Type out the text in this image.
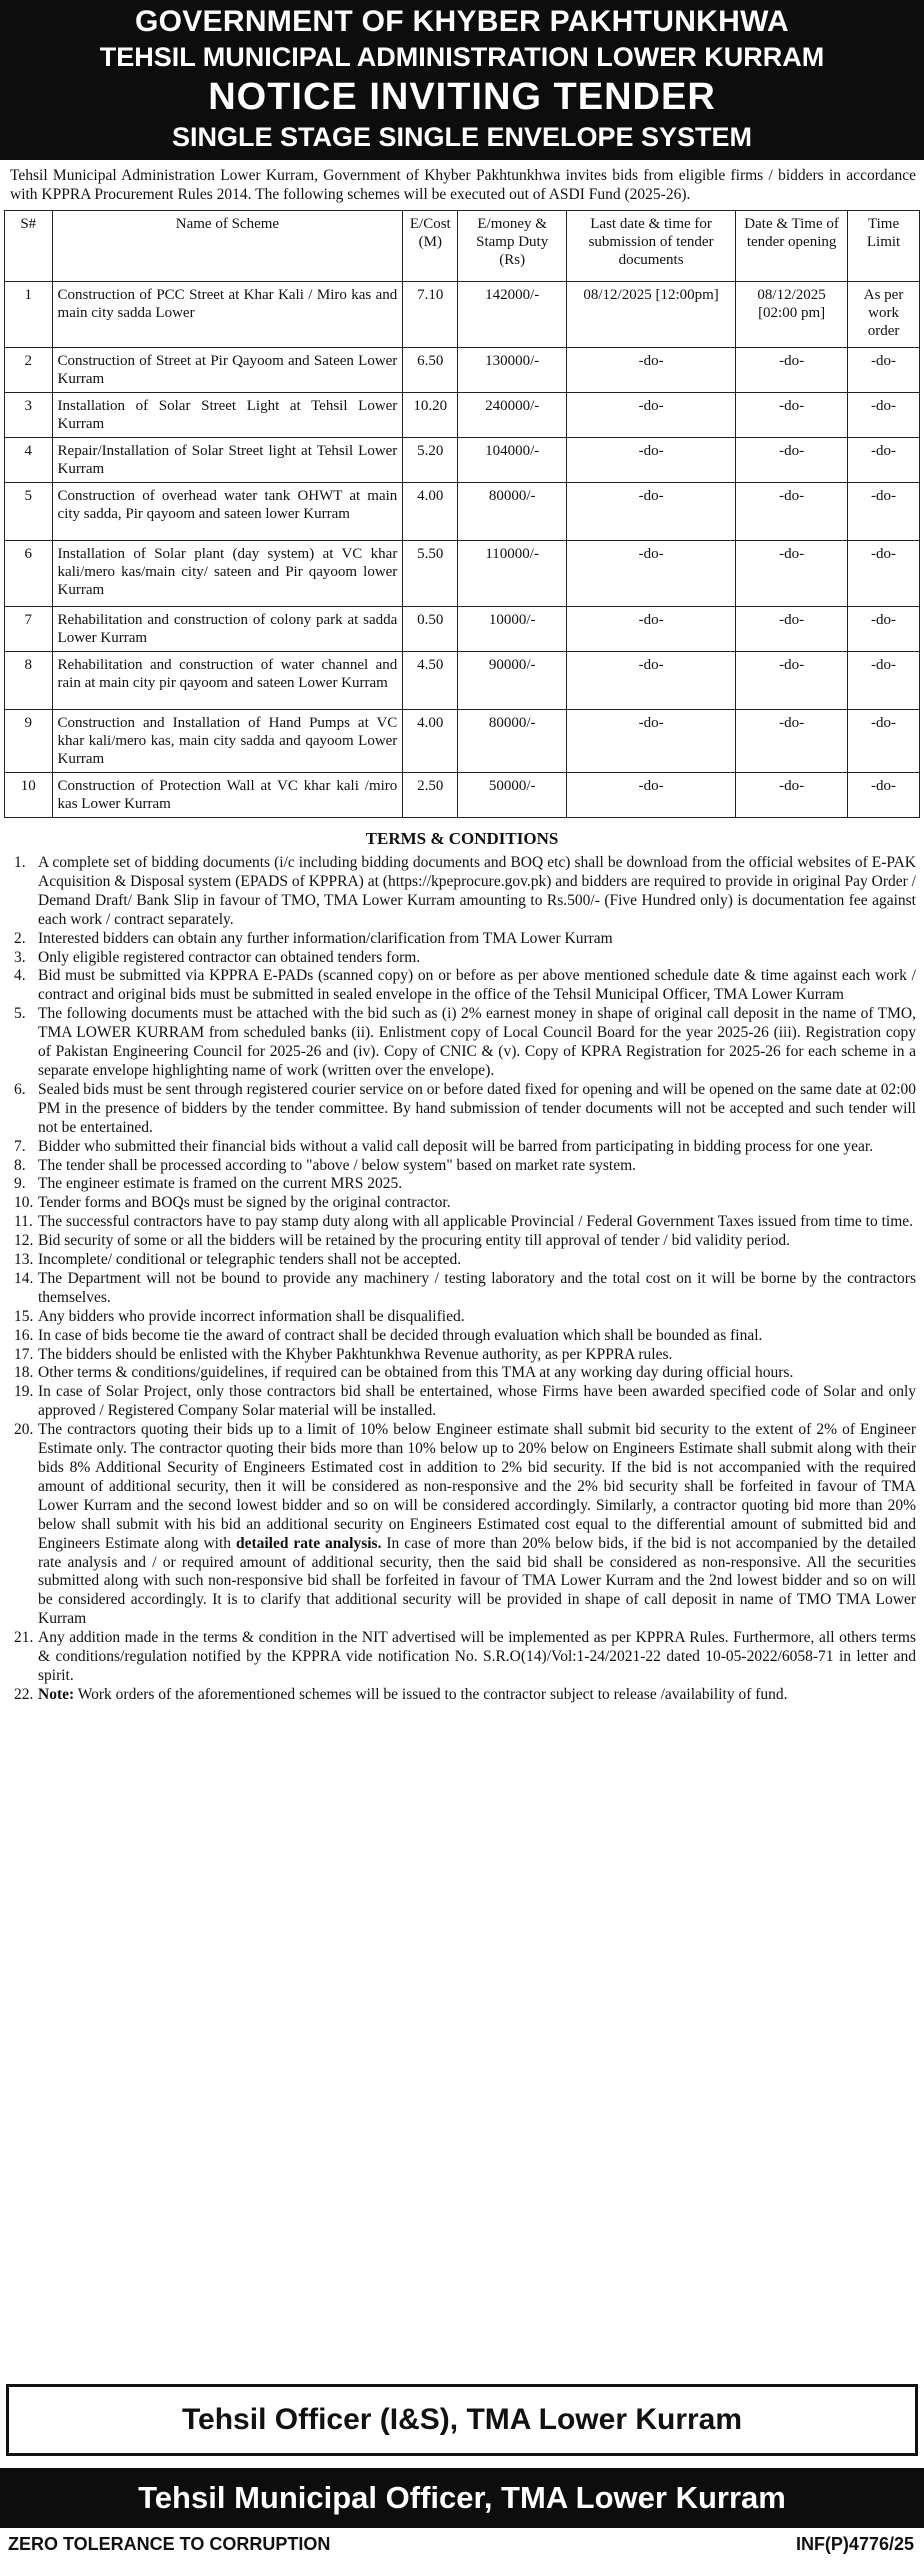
GOVERNMENT OF KHYBER PAKHTUNKHWA
TEHSIL MUNICIPAL ADMINISTRATION LOWER KURRAM
NOTICE INVITING TENDER
SINGLE STAGE SINGLE ENVELOPE SYSTEM
Tehsil Municipal Administration Lower Kurram, Government of Khyber Pakhtunkhwa invites bids from eligible firms / bidders in accordance with KPPRA Procurement Rules 2014. The following schemes will be executed out of ASDI Fund (2025-26).
S#	Name of Scheme	E/Cost (M)	E/money & Stamp Duty (Rs)	Last date & time for submission of tender documents	Date & Time of tender opening	Time Limit
1	Construction of PCC Street at Khar Kali / Miro kas and main city sadda Lower	7.10	142000/-	08/12/2025 [12:00pm]	08/12/2025 [02:00 pm]	As per work order
2	Construction of Street at Pir Qayoom and Sateen Lower Kurram	6.50	130000/-	-do-	-do-	-do-
3	Installation of Solar Street Light at Tehsil Lower Kurram	10.20	240000/-	-do-	-do-	-do-
4	Repair/Installation of Solar Street light at Tehsil Lower Kurram	5.20	104000/-	-do-	-do-	-do-
5	Construction of overhead water tank OHWT at main city sadda, Pir qayoom and sateen lower Kurram	4.00	80000/-	-do-	-do-	-do-
6	Installation of Solar plant (day system) at VC khar kali/mero kas/main city/ sateen and Pir qayoom lower Kurram	5.50	110000/-	-do-	-do-	-do-
7	Rehabilitation and construction of colony park at sadda Lower Kurram	0.50	10000/-	-do-	-do-	-do-
8	Rehabilitation and construction of water channel and rain at main city pir qayoom and sateen Lower Kurram	4.50	90000/-	-do-	-do-	-do-
9	Construction and Installation of Hand Pumps at VC khar kali/mero kas, main city sadda and qayoom Lower Kurram	4.00	80000/-	-do-	-do-	-do-
10	Construction of Protection Wall at VC khar kali /miro kas Lower Kurram	2.50	50000/-	-do-	-do-	-do-
TERMS & CONDITIONS
1. A complete set of bidding documents (i/c including bidding documents and BOQ etc) shall be download from the official websites of E-PAK Acquisition & Disposal system (EPADS of KPPRA) at (https://kpeprocure.gov.pk) and bidders are required to provide in original Pay Order / Demand Draft/ Bank Slip in favour of TMO, TMA Lower Kurram amounting to Rs.500/- (Five Hundred only) is documentation fee against each work / contract separately.
2. Interested bidders can obtain any further information/clarification from TMA Lower Kurram
3. Only eligible registered contractor can obtained tenders form.
4. Bid must be submitted via KPPRA E-PADs (scanned copy) on or before as per above mentioned schedule date & time against each work / contract and original bids must be submitted in sealed envelope in the office of the Tehsil Municipal Officer, TMA Lower Kurram
5. The following documents must be attached with the bid such as (i) 2% earnest money in shape of original call deposit in the name of TMO, TMA LOWER KURRAM from scheduled banks (ii). Enlistment copy of Local Council Board for the year 2025-26 (iii). Registration copy of Pakistan Engineering Council for 2025-26 and (iv). Copy of CNIC & (v). Copy of KPRA Registration for 2025-26 for each scheme in a separate envelope highlighting name of work (written over the envelope).
6. Sealed bids must be sent through registered courier service on or before dated fixed for opening and will be opened on the same date at 02:00 PM in the presence of bidders by the tender committee. By hand submission of tender documents will not be accepted and such tender will not be entertained.
7. Bidder who submitted their financial bids without a valid call deposit will be barred from participating in bidding process for one year.
8. The tender shall be processed according to "above / below system" based on market rate system.
9. The engineer estimate is framed on the current MRS 2025.
10. Tender forms and BOQs must be signed by the original contractor.
11. The successful contractors have to pay stamp duty along with all applicable Provincial / Federal Government Taxes issued from time to time.
12. Bid security of some or all the bidders will be retained by the procuring entity till approval of tender / bid validity period.
13. Incomplete/ conditional or telegraphic tenders shall not be accepted.
14. The Department will not be bound to provide any machinery / testing laboratory and the total cost on it will be borne by the contractors themselves.
15. Any bidders who provide incorrect information shall be disqualified.
16. In case of bids become tie the award of contract shall be decided through evaluation which shall be bounded as final.
17. The bidders should be enlisted with the Khyber Pakhtunkhwa Revenue authority, as per KPPRA rules.
18. Other terms & conditions/guidelines, if required can be obtained from this TMA at any working day during official hours.
19. In case of Solar Project, only those contractors bid shall be entertained, whose Firms have been awarded specified code of Solar and only approved / Registered Company Solar material will be installed.
20. The contractors quoting their bids up to a limit of 10% below Engineer estimate shall submit bid security to the extent of 2% of Engineer Estimate only. The contractor quoting their bids more than 10% below up to 20% below on Engineers Estimate shall submit along with their bids 8% Additional Security of Engineers Estimated cost in addition to 2% bid security. If the bid is not accompanied with the required amount of additional security, then it will be considered as non-responsive and the 2% bid security shall be forfeited in favour of TMA Lower Kurram and the second lowest bidder and so on will be considered accordingly. Similarly, a contractor quoting bid more than 20% below shall submit with his bid an additional security on Engineers Estimated cost equal to the differential amount of submitted bid and Engineers Estimate along with detailed rate analysis. In case of more than 20% below bids, if the bid is not accompanied by the detailed rate analysis and / or required amount of additional security, then the said bid shall be considered as non-responsive. All the securities submitted along with such non-responsive bid shall be forfeited in favour of TMA Lower Kurram and the 2nd lowest bidder and so on will be considered accordingly. It is to clarify that additional security will be provided in shape of call deposit in name of TMO TMA Lower Kurram
21. Any addition made in the terms & condition in the NIT advertised will be implemented as per KPPRA Rules. Furthermore, all others terms & conditions/regulation notified by the KPPRA vide notification No. S.R.O(14)/Vol:1-24/2021-22 dated 10-05-2022/6058-71 in letter and spirit.
22. Note: Work orders of the aforementioned schemes will be issued to the contractor subject to release /availability of fund.
Tehsil Officer (I&S), TMA Lower Kurram
Tehsil Municipal Officer, TMA Lower Kurram
ZERO TOLERANCE TO CORRUPTION	INF(P)4776/25
